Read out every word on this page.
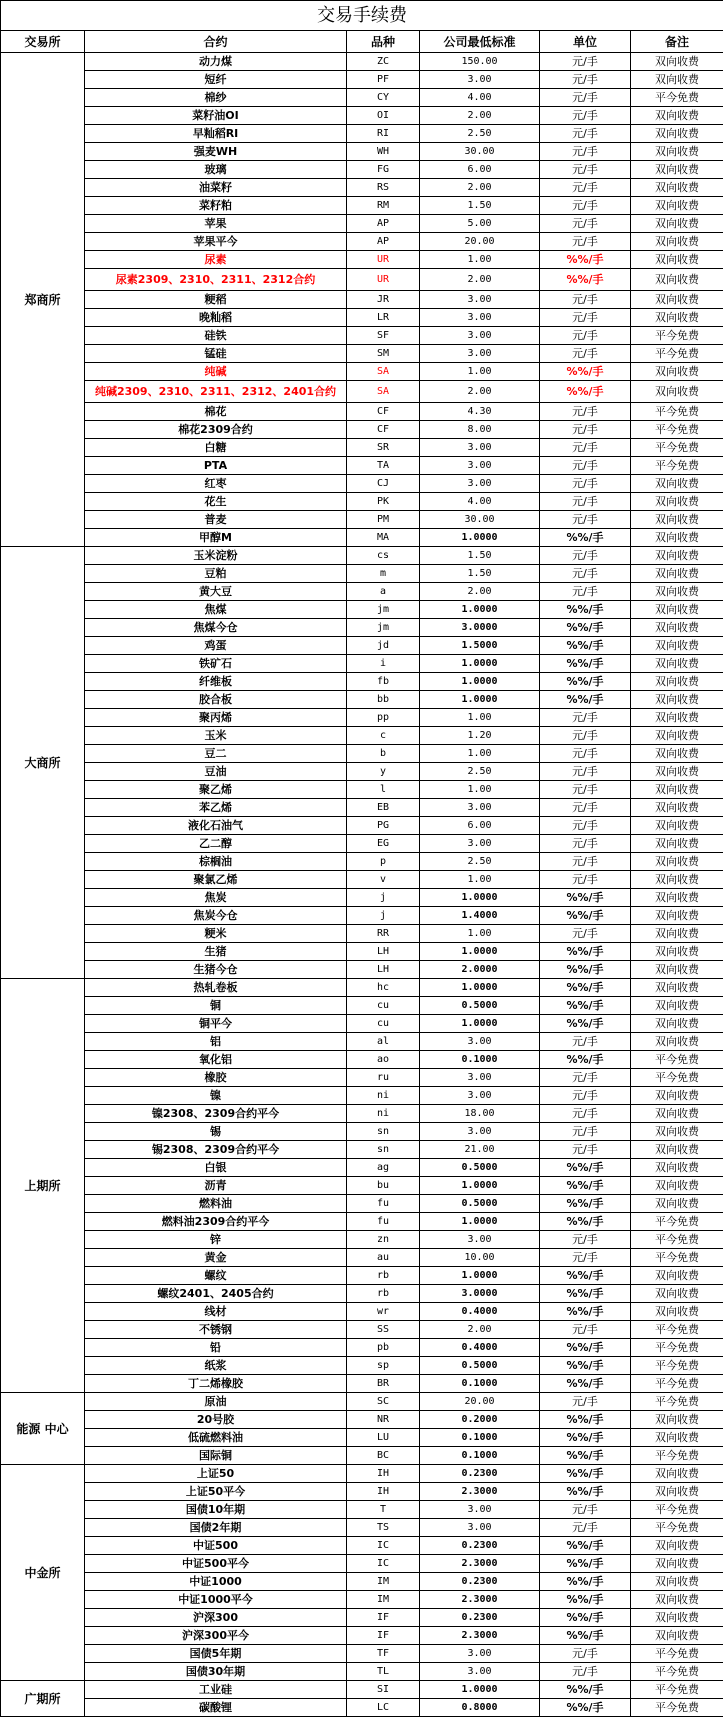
交易手续费					
交易所	合约	品种	公司最低标准	单位	备注
郑商所	动力煤	ZC	150.00	元/手	双向收费
	短纤	PF	3.00	元/手	双向收费
	棉纱	CY	4.00	元/手	平今免费
	菜籽油OI	OI	2.00	元/手	双向收费
	早籼稻RI	RI	2.50	元/手	双向收费
	强麦WH	WH	30.00	元/手	双向收费
	玻璃	FG	6.00	元/手	双向收费
	油菜籽	RS	2.00	元/手	双向收费
	菜籽粕	RM	1.50	元/手	双向收费
	苹果	AP	5.00	元/手	双向收费
	苹果平今	AP	20.00	元/手	双向收费
	尿素	UR	1.00	%%/手	双向收费
	尿素2309、2310、2311、2312合约	UR	2.00	%%/手	双向收费
	粳稻	JR	3.00	元/手	双向收费
	晚籼稻	LR	3.00	元/手	双向收费
	硅铁	SF	3.00	元/手	平今免费
	锰硅	SM	3.00	元/手	平今免费
	纯碱	SA	1.00	%%/手	双向收费
	纯碱2309、2310、2311、2312、2401合约	SA	2.00	%%/手	双向收费
	棉花	CF	4.30	元/手	平今免费
	棉花2309合约	CF	8.00	元/手	平今免费
	白糖	SR	3.00	元/手	平今免费
	PTA	TA	3.00	元/手	平今免费
	红枣	CJ	3.00	元/手	双向收费
	花生	PK	4.00	元/手	双向收费
	普麦	PM	30.00	元/手	双向收费
	甲醇M	MA	1.0000	%%/手	双向收费
大商所	玉米淀粉	cs	1.50	元/手	双向收费
	豆粕	m	1.50	元/手	双向收费
	黄大豆	a	2.00	元/手	双向收费
	焦煤	jm	1.0000	%%/手	双向收费
	焦煤今仓	jm	3.0000	%%/手	双向收费
	鸡蛋	jd	1.5000	%%/手	双向收费
	铁矿石	i	1.0000	%%/手	双向收费
	纤维板	fb	1.0000	%%/手	双向收费
	胶合板	bb	1.0000	%%/手	双向收费
	聚丙烯	pp	1.00	元/手	双向收费
	玉米	c	1.20	元/手	双向收费
	豆二	b	1.00	元/手	双向收费
	豆油	y	2.50	元/手	双向收费
	聚乙烯	l	1.00	元/手	双向收费
	苯乙烯	EB	3.00	元/手	双向收费
	液化石油气	PG	6.00	元/手	双向收费
	乙二醇	EG	3.00	元/手	双向收费
	棕榈油	p	2.50	元/手	双向收费
	聚氯乙烯	v	1.00	元/手	双向收费
	焦炭	j	1.0000	%%/手	双向收费
	焦炭今仓	j	1.4000	%%/手	双向收费
	粳米	RR	1.00	元/手	双向收费
	生猪	LH	1.0000	%%/手	双向收费
	生猪今仓	LH	2.0000	%%/手	双向收费
上期所	热轧卷板	hc	1.0000	%%/手	双向收费
	铜	cu	0.5000	%%/手	双向收费
	铜平今	cu	1.0000	%%/手	双向收费
	铝	al	3.00	元/手	双向收费
	氧化铝	ao	0.1000	%%/手	平今免费
	橡胶	ru	3.00	元/手	平今免费
	镍	ni	3.00	元/手	双向收费
	镍2308、2309合约平今	ni	18.00	元/手	双向收费
	锡	sn	3.00	元/手	双向收费
	锡2308、2309合约平今	sn	21.00	元/手	双向收费
	白银	ag	0.5000	%%/手	双向收费
	沥青	bu	1.0000	%%/手	双向收费
	燃料油	fu	0.5000	%%/手	双向收费
	燃料油2309合约平今	fu	1.0000	%%/手	平今免费
	锌	zn	3.00	元/手	平今免费
	黄金	au	10.00	元/手	平今免费
	螺纹	rb	1.0000	%%/手	双向收费
	螺纹2401、2405合约	rb	3.0000	%%/手	双向收费
	线材	wr	0.4000	%%/手	双向收费
	不锈钢	SS	2.00	元/手	平今免费
	铅	pb	0.4000	%%/手	平今免费
	纸浆	sp	0.5000	%%/手	平今免费
	丁二烯橡胶	BR	0.1000	%%/手	平今免费
能源 中心	原油	SC	20.00	元/手	平今免费
	20号胶	NR	0.2000	%%/手	双向收费
	低硫燃料油	LU	0.1000	%%/手	双向收费
	国际铜	BC	0.1000	%%/手	平今免费
中金所	上证50	IH	0.2300	%%/手	双向收费
	上证50平今	IH	2.3000	%%/手	双向收费
	国债10年期	T	3.00	元/手	平今免费
	国债2年期	TS	3.00	元/手	平今免费
	中证500	IC	0.2300	%%/手	双向收费
	中证500平今	IC	2.3000	%%/手	双向收费
	中证1000	IM	0.2300	%%/手	双向收费
	中证1000平今	IM	2.3000	%%/手	双向收费
	沪深300	IF	0.2300	%%/手	双向收费
	沪深300平今	IF	2.3000	%%/手	双向收费
	国债5年期	TF	3.00	元/手	平今免费
	国债30年期	TL	3.00	元/手	平今免费
广期所	工业硅	SI	1.0000	%%/手	平今免费
	碳酸锂	LC	0.8000	%%/手	平今免费
